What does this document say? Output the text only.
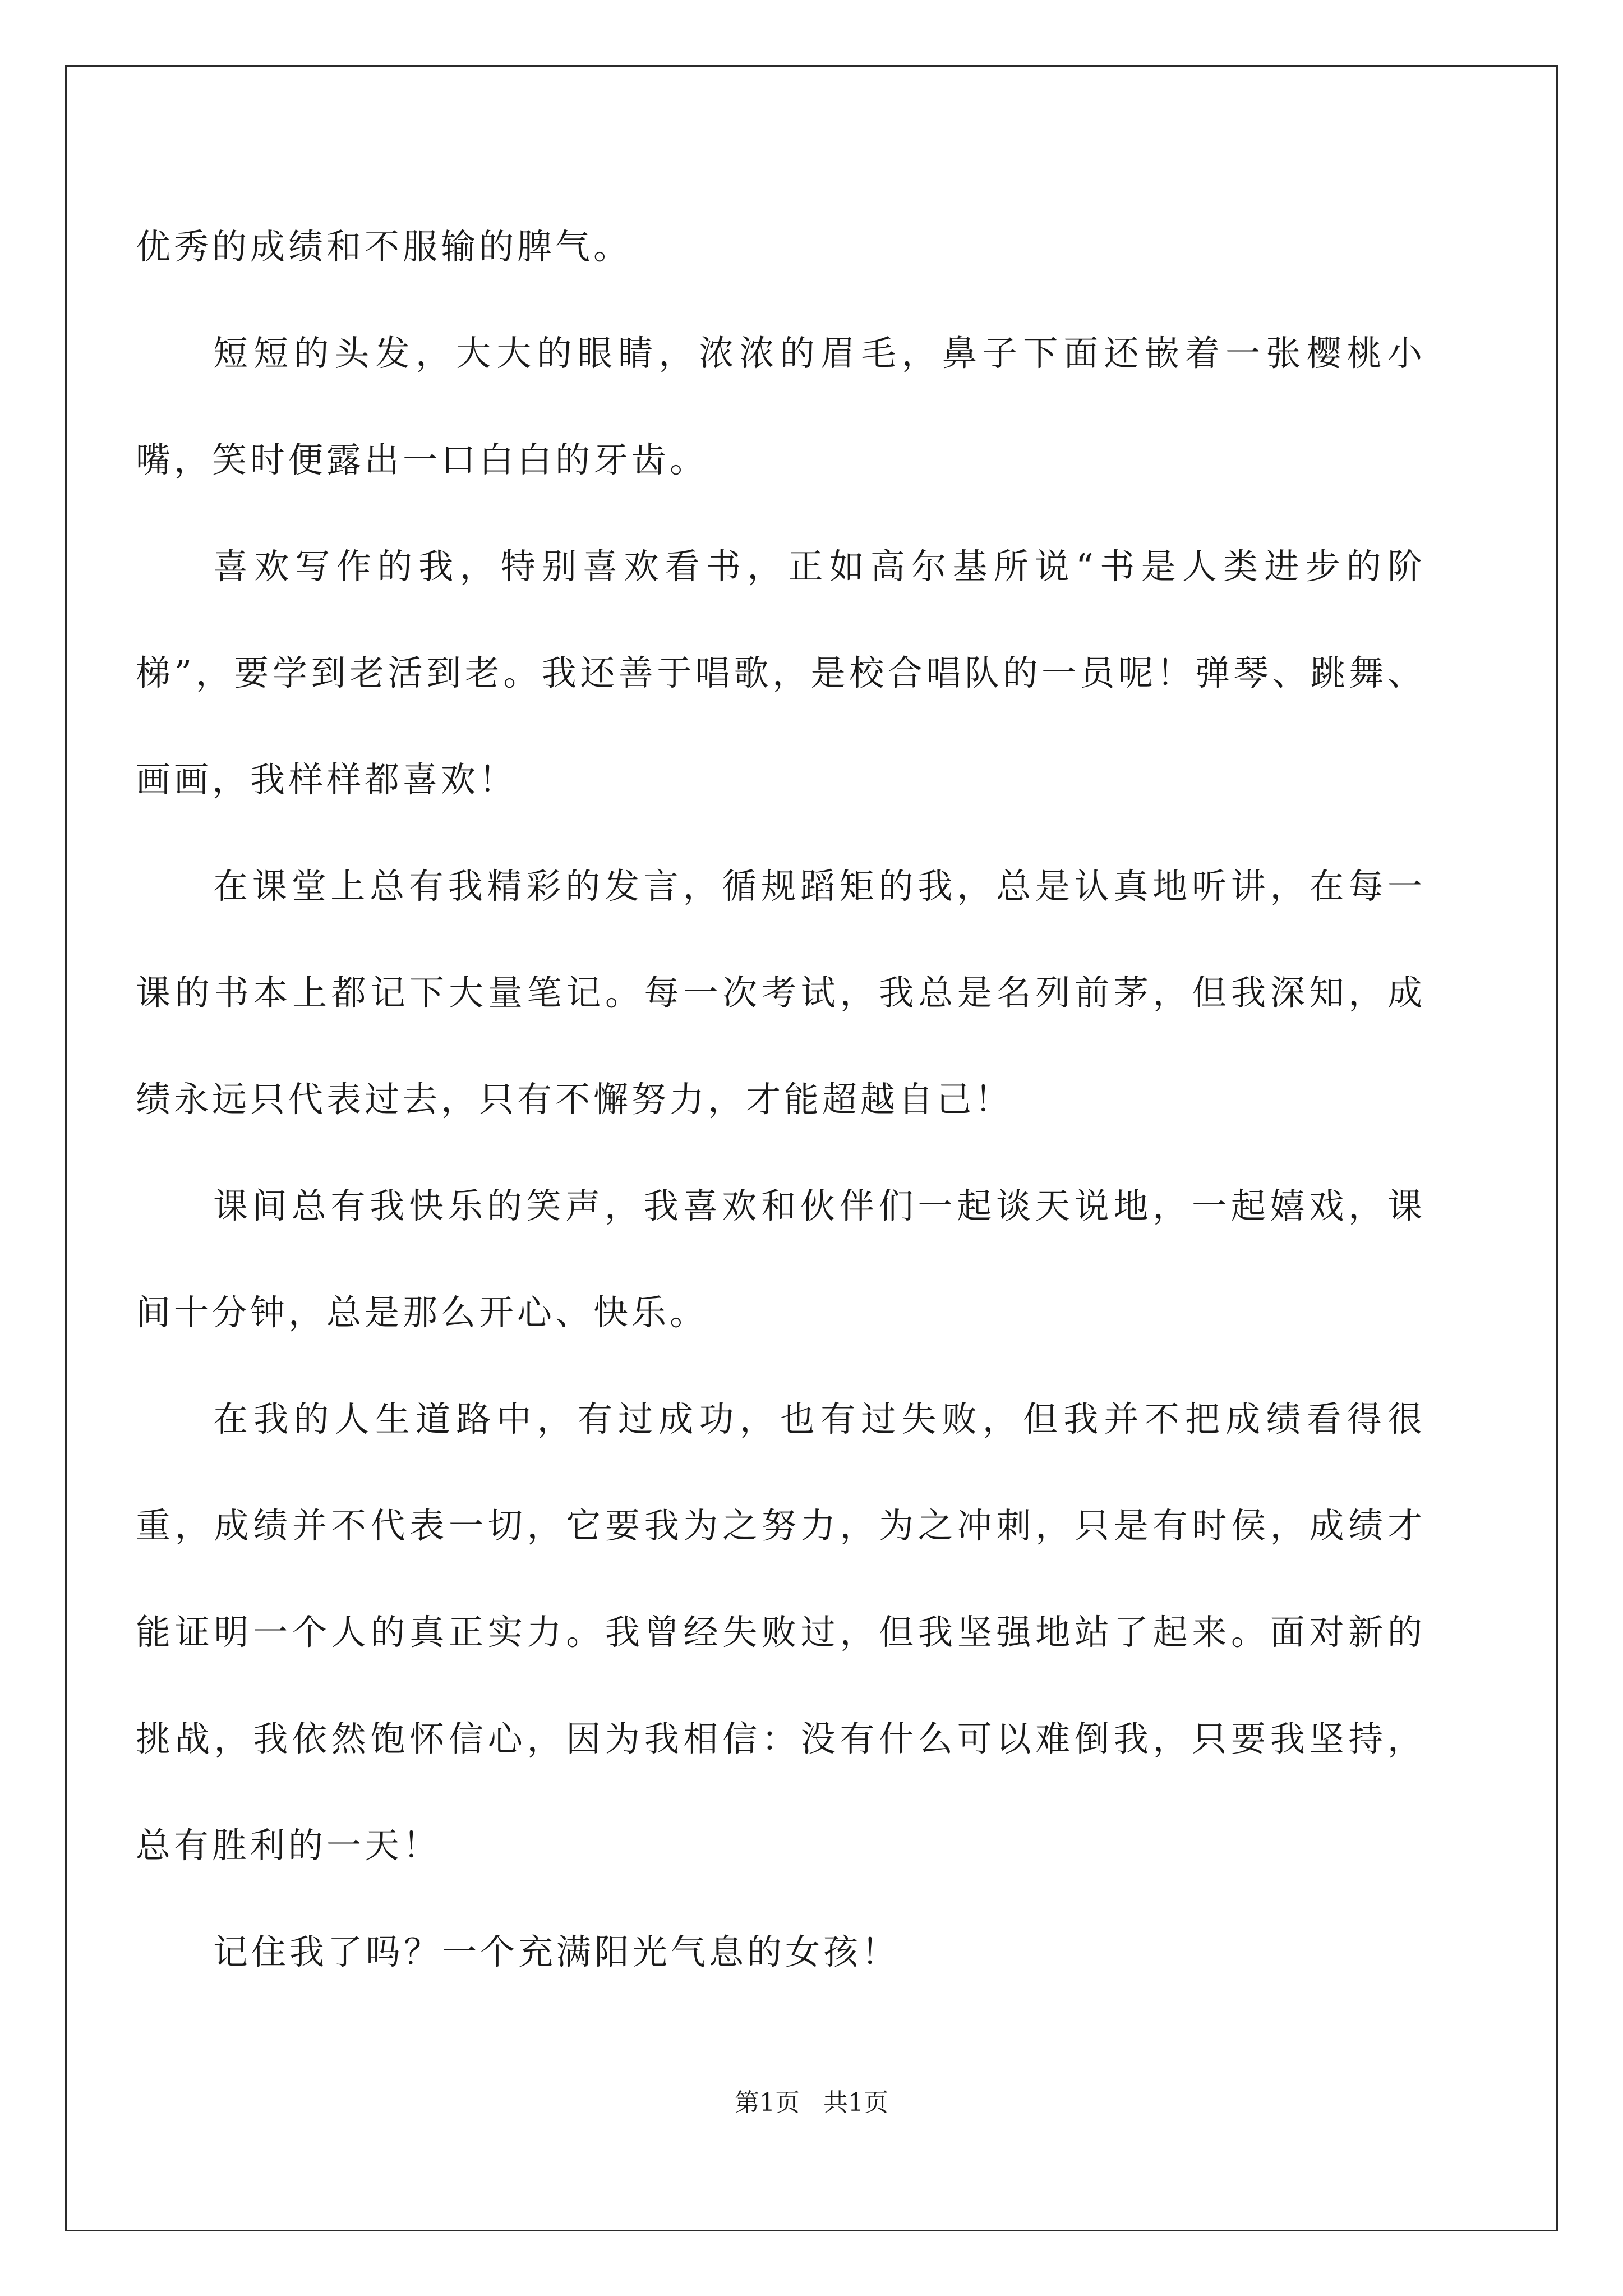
优秀的成绩和不服输的脾气。

短短的头发，大大的眼睛，浓浓的眉毛，鼻子下面还嵌着一张樱桃小嘴，笑时便露出一口白白的牙齿。

喜欢写作的我，特别喜欢看书，正如高尔基所说“书是人类进步的阶梯”，要学到老活到老。我还善于唱歌，是校合唱队的一员呢！弹琴、跳舞、画画，我样样都喜欢！

在课堂上总有我精彩的发言，循规蹈矩的我，总是认真地听讲，在每一课的书本上都记下大量笔记。每一次考试，我总是名列前茅，但我深知，成绩永远只代表过去，只有不懈努力，才能超越自己！

课间总有我快乐的笑声，我喜欢和伙伴们一起谈天说地，一起嬉戏，课间十分钟，总是那么开心、快乐。

在我的人生道路中，有过成功，也有过失败，但我并不把成绩看得很重，成绩并不代表一切，它要我为之努力，为之冲刺，只是有时侯，成绩才能证明一个人的真正实力。我曾经失败过，但我坚强地站了起来。面对新的挑战，我依然饱怀信心，因为我相信：没有什么可以难倒我，只要我坚持，总有胜利的一天！

记住我了吗？一个充满阳光气息的女孩！

第1页 共1页
